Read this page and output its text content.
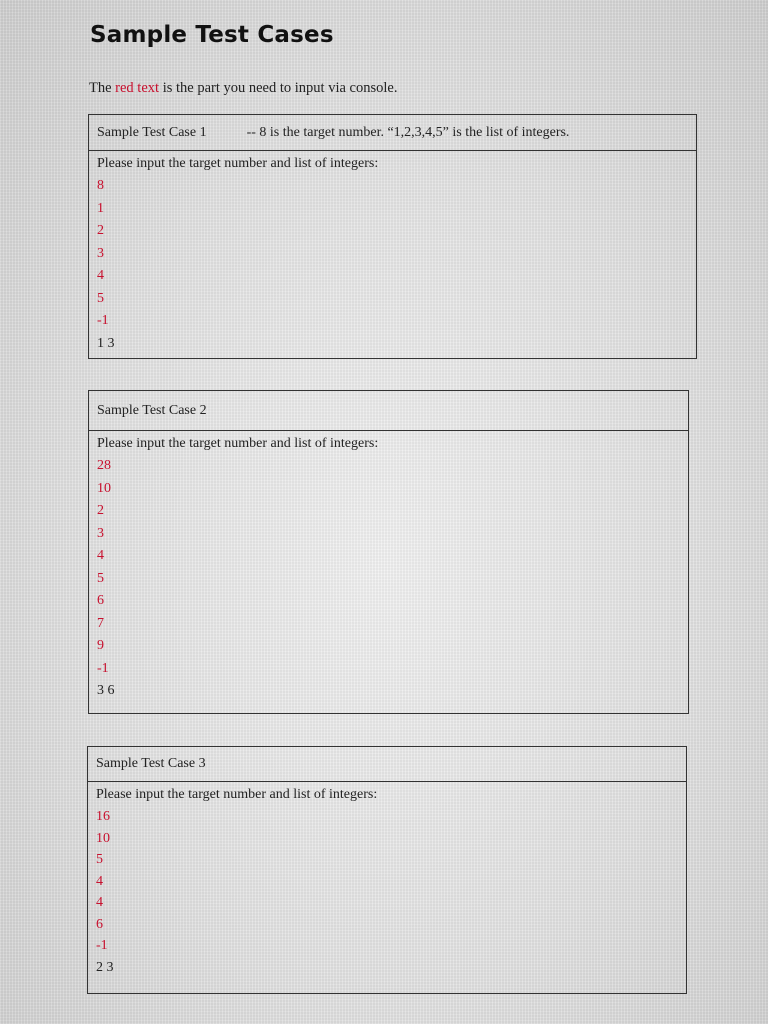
Sample Test Cases
The red text is the part you need to input via console.
Sample Test Case 1	-- 8 is the target number. “1,2,3,4,5” is the list of integers.
Please input the target number and list of integers:
8
1
2
3
4
5
-1
1 3
Sample Test Case 2
Please input the target number and list of integers:
28
10
2
3
4
5
6
7
9
-1
3 6
Sample Test Case 3
Please input the target number and list of integers:
16
10
5
4
4
6
-1
2 3
